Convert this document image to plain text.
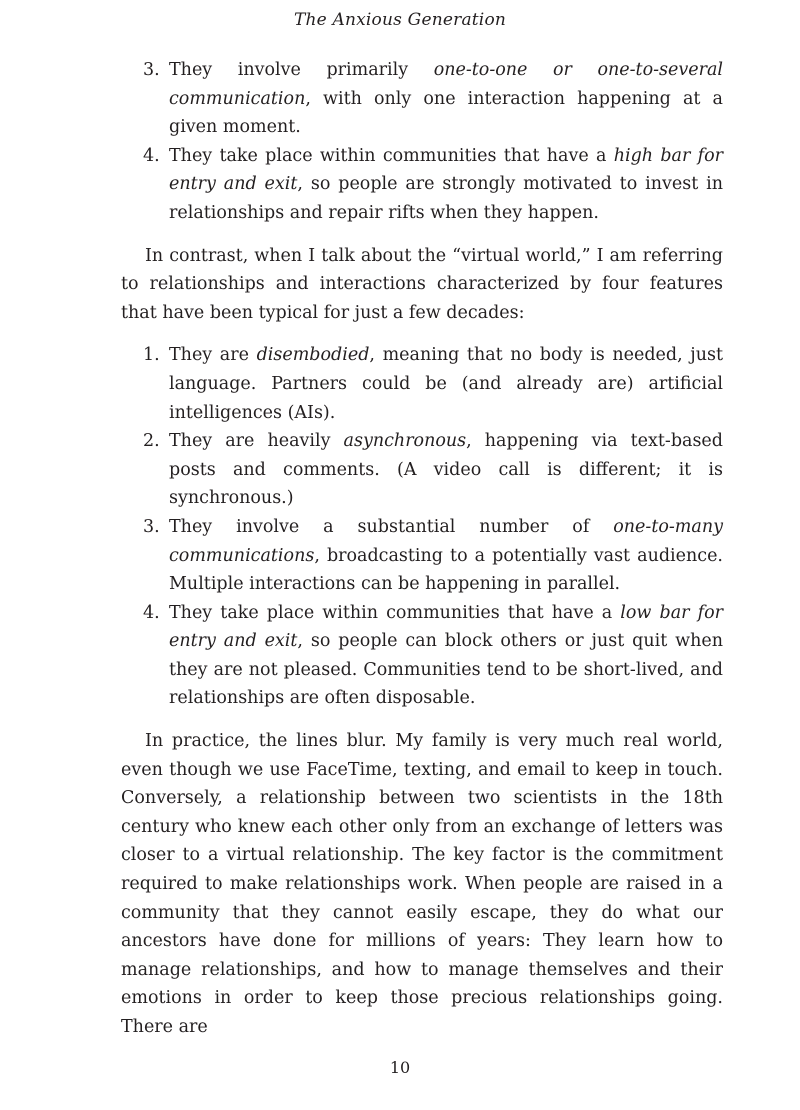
The Anxious Generation
3. They involve primarily one-to-one or one-to-several communication, with only one interaction happening at a given moment.
4. They take place within communities that have a high bar for entry and exit, so people are strongly motivated to invest in relationships and repair rifts when they happen.

In contrast, when I talk about the “virtual world,” I am referring to relationships and interactions characterized by four features that have been typical for just a few decades:

1. They are disembodied, meaning that no body is needed, just language. Partners could be (and already are) artificial intelligences (AIs).
2. They are heavily asynchronous, happening via text-based posts and comments. (A video call is different; it is synchronous.)
3. They involve a substantial number of one-to-many communications, broadcasting to a potentially vast audience. Multiple interactions can be happening in parallel.
4. They take place within communities that have a low bar for entry and exit, so people can block others or just quit when they are not pleased. Communities tend to be short-lived, and relationships are often disposable.

In practice, the lines blur. My family is very much real world, even though we use FaceTime, texting, and email to keep in touch. Conversely, a relationship between two scientists in the 18th century who knew each other only from an exchange of letters was closer to a virtual relationship. The key factor is the commitment required to make relationships work. When people are raised in a community that they cannot easily escape, they do what our ancestors have done for millions of years: They learn how to manage relationships, and how to manage themselves and their emotions in order to keep those precious relationships going. There are

10
